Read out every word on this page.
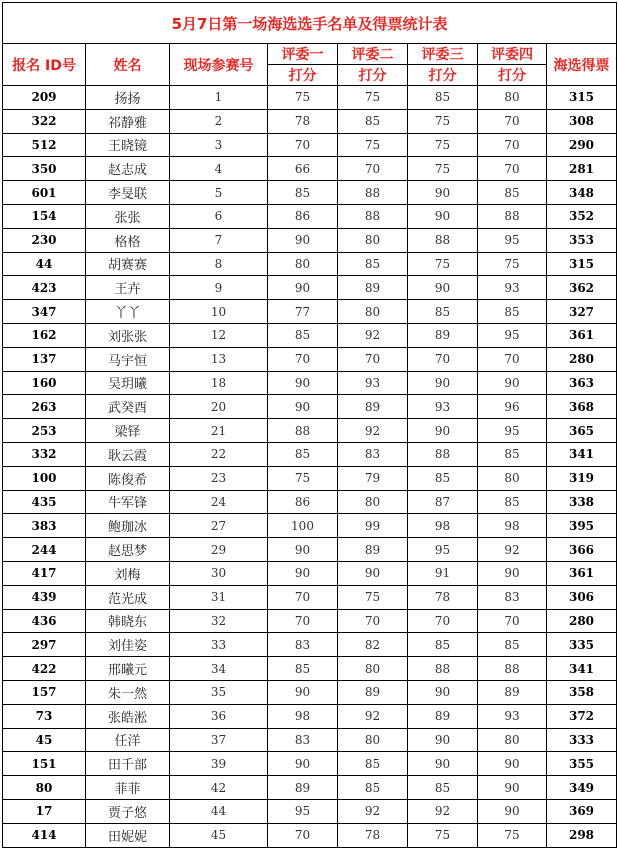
5月7日第一场海选选手名单及得票统计表							
报名 ID号	姓名	现场参赛号	评委一	评委二	评委三	评委四	海选得票
			打分	打分	打分	打分	
209	扬扬	1	75	75	85	80	315
322	祁静雅	2	78	85	75	70	308
512	王晓镜	3	70	75	75	70	290
350	赵志成	4	66	70	75	70	281
601	李旻联	5	85	88	90	85	348
154	张张	6	86	88	90	88	352
230	格格	7	90	80	88	95	353
44	胡赛赛	8	80	85	75	75	315
423	王卉	9	90	89	90	93	362
347	丫丫	10	77	80	85	85	327
162	刘张张	12	85	92	89	95	361
137	马宇恒	13	70	70	70	70	280
160	吴玥曦	18	90	93	90	90	363
263	武癸酉	20	90	89	93	96	368
253	梁铎	21	88	92	90	95	365
332	耿云霞	22	85	83	88	85	341
100	陈俊希	23	75	79	85	80	319
435	牛军锋	24	86	80	87	85	338
383	鲍珈冰	27	100	99	98	98	395
244	赵思梦	29	90	89	95	92	366
417	刘梅	30	90	90	91	90	361
439	范光成	31	70	75	78	83	306
436	韩晓东	32	70	70	70	70	280
297	刘佳姿	33	83	82	85	85	335
422	邢曦元	34	85	80	88	88	341
157	朱一然	35	90	89	90	89	358
73	张皓淞	36	98	92	89	93	372
45	任洋	37	83	80	90	80	333
151	田千部	39	90	85	90	90	355
80	菲菲	42	89	85	85	90	349
17	贾子悠	44	95	92	92	90	369
414	田妮妮	45	70	78	75	75	298
